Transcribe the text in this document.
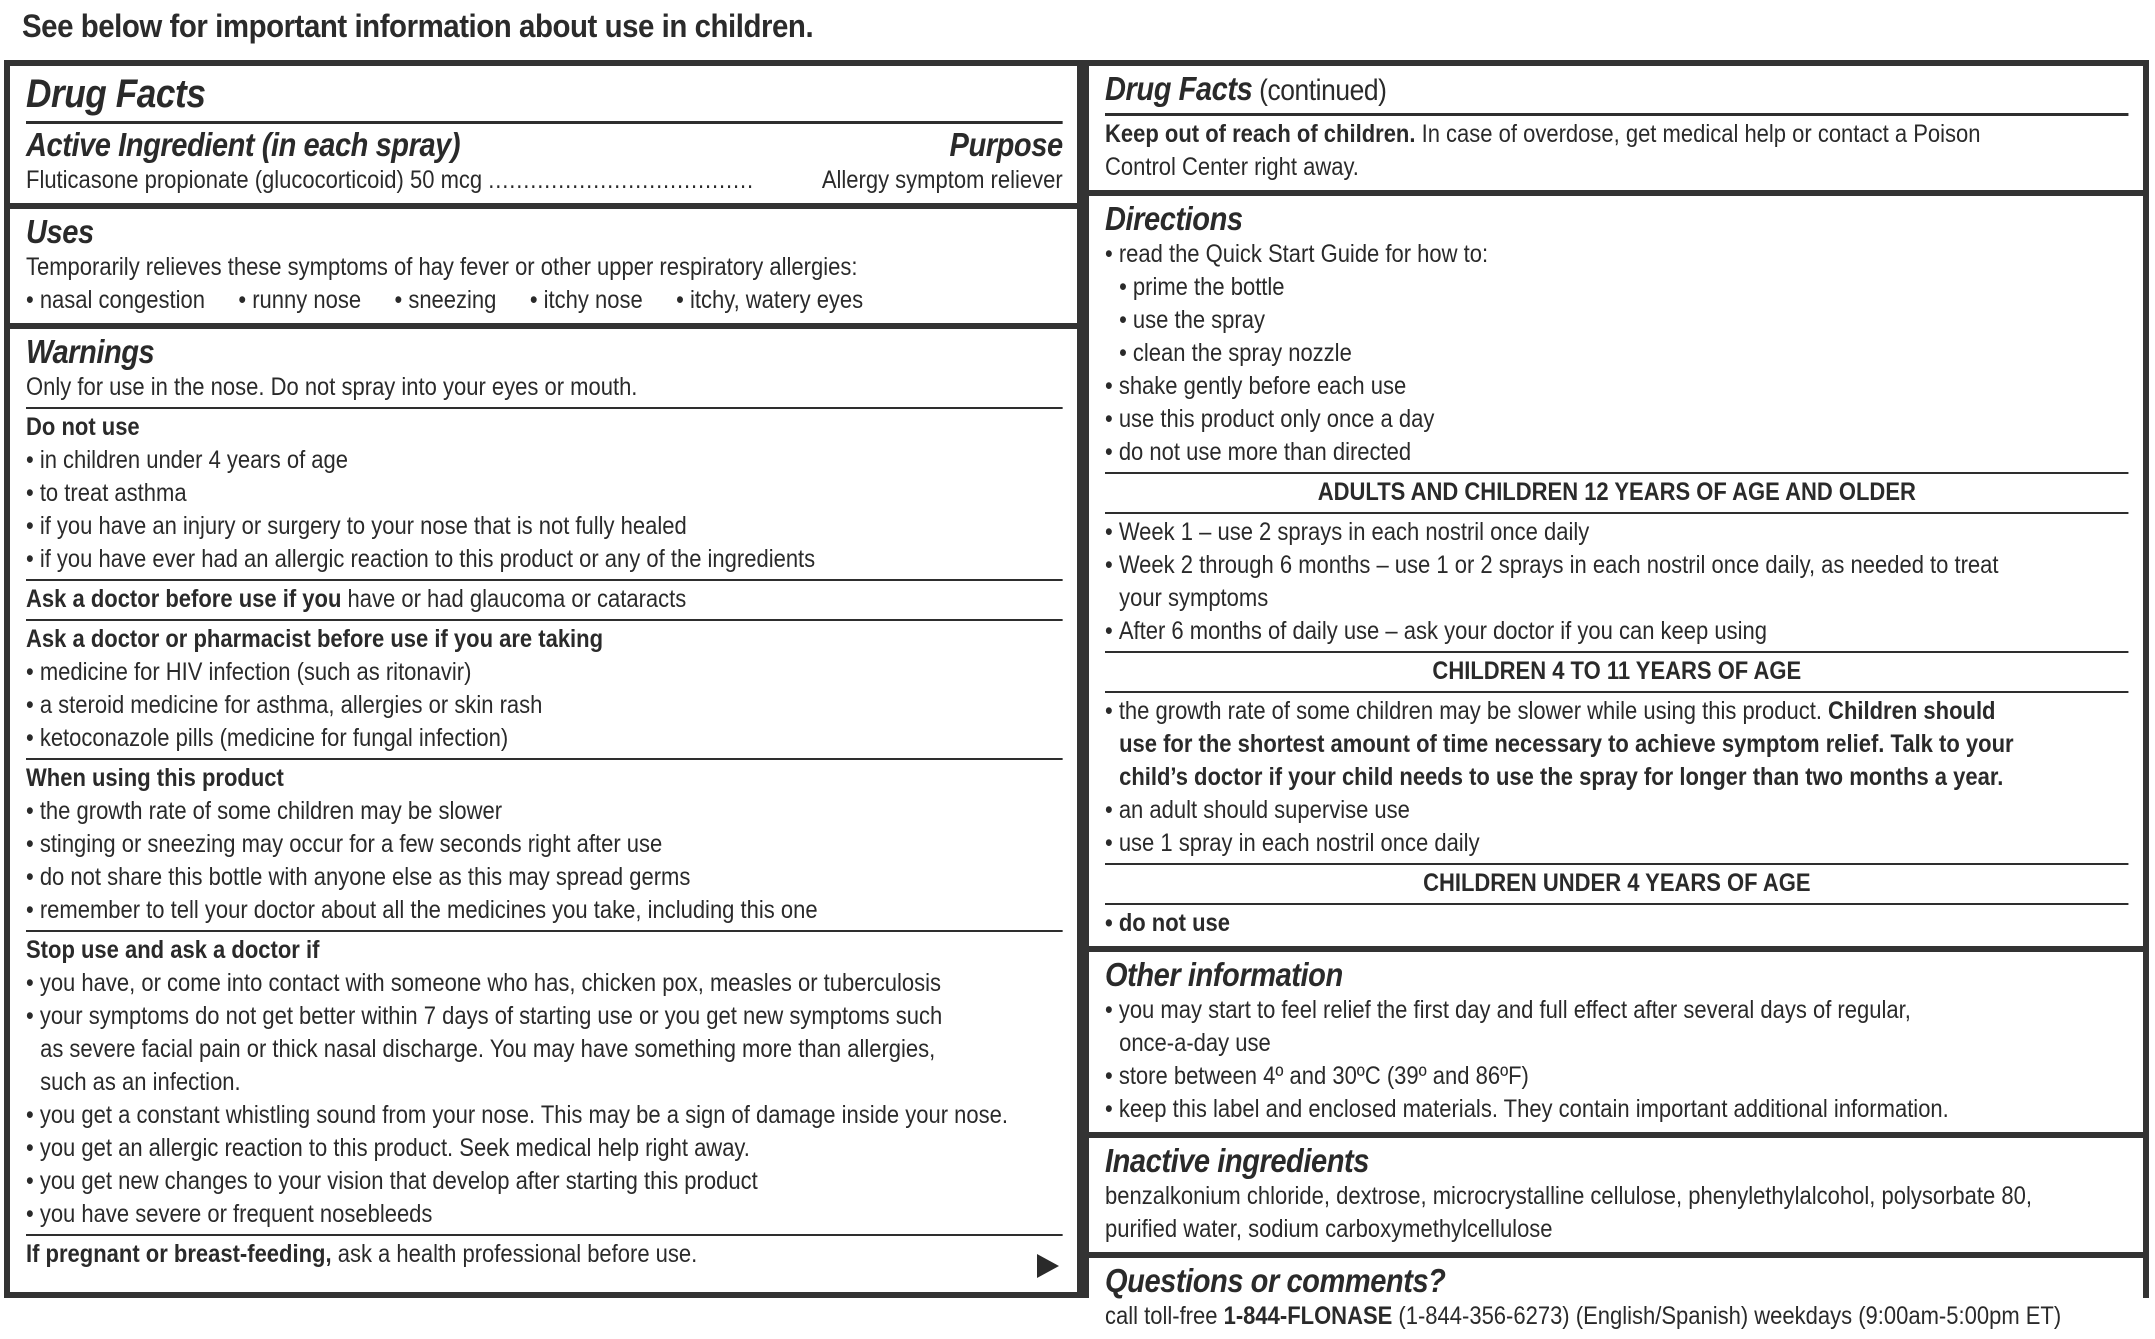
See below for important information about use in children.
Drug Facts
Active Ingredient (in each spray)	Purpose
Fluticasone propionate (glucocorticoid) 50 mcg ......................................	Allergy symptom reliever
Uses
Temporarily relieves these symptoms of hay fever or other upper respiratory allergies:
• nasal congestion	• runny nose	• sneezing	• itchy nose	• itchy, watery eyes
Warnings
Only for use in the nose. Do not spray into your eyes or mouth.
Do not use
• in children under 4 years of age
• to treat asthma
• if you have an injury or surgery to your nose that is not fully healed
• if you have ever had an allergic reaction to this product or any of the ingredients
Ask a doctor before use if you have or had glaucoma or cataracts
Ask a doctor or pharmacist before use if you are taking
• medicine for HIV infection (such as ritonavir)
• a steroid medicine for asthma, allergies or skin rash
• ketoconazole pills (medicine for fungal infection)
When using this product
• the growth rate of some children may be slower
• stinging or sneezing may occur for a few seconds right after use
• do not share this bottle with anyone else as this may spread germs
• remember to tell your doctor about all the medicines you take, including this one
Stop use and ask a doctor if
• you have, or come into contact with someone who has, chicken pox, measles or tuberculosis
• your symptoms do not get better within 7 days of starting use or you get new symptoms such
as severe facial pain or thick nasal discharge. You may have something more than allergies,
such as an infection.
• you get a constant whistling sound from your nose. This may be a sign of damage inside your nose.
• you get an allergic reaction to this product. Seek medical help right away.
• you get new changes to your vision that develop after starting this product
• you have severe or frequent nosebleeds
If pregnant or breast-feeding, ask a health professional before use.
Drug Facts (continued)
Keep out of reach of children. In case of overdose, get medical help or contact a Poison
Control Center right away.
Directions
• read the Quick Start Guide for how to:
• prime the bottle
• use the spray
• clean the spray nozzle
• shake gently before each use
• use this product only once a day
• do not use more than directed
ADULTS AND CHILDREN 12 YEARS OF AGE AND OLDER
• Week 1 – use 2 sprays in each nostril once daily
• Week 2 through 6 months – use 1 or 2 sprays in each nostril once daily, as needed to treat
your symptoms
• After 6 months of daily use – ask your doctor if you can keep using
CHILDREN 4 TO 11 YEARS OF AGE
• the growth rate of some children may be slower while using this product. Children should
use for the shortest amount of time necessary to achieve symptom relief. Talk to your
child’s doctor if your child needs to use the spray for longer than two months a year.
• an adult should supervise use
• use 1 spray in each nostril once daily
CHILDREN UNDER 4 YEARS OF AGE
• do not use
Other information
• you may start to feel relief the first day and full effect after several days of regular,
once-a-day use
• store between 4º and 30ºC (39º and 86ºF)
• keep this label and enclosed materials. They contain important additional information.
Inactive ingredients
benzalkonium chloride, dextrose, microcrystalline cellulose, phenylethylalcohol, polysorbate 80,
purified water, sodium carboxymethylcellulose
Questions or comments?
call toll-free 1-844-FLONASE (1-844-356-6273) (English/Spanish) weekdays (9:00am-5:00pm ET)
